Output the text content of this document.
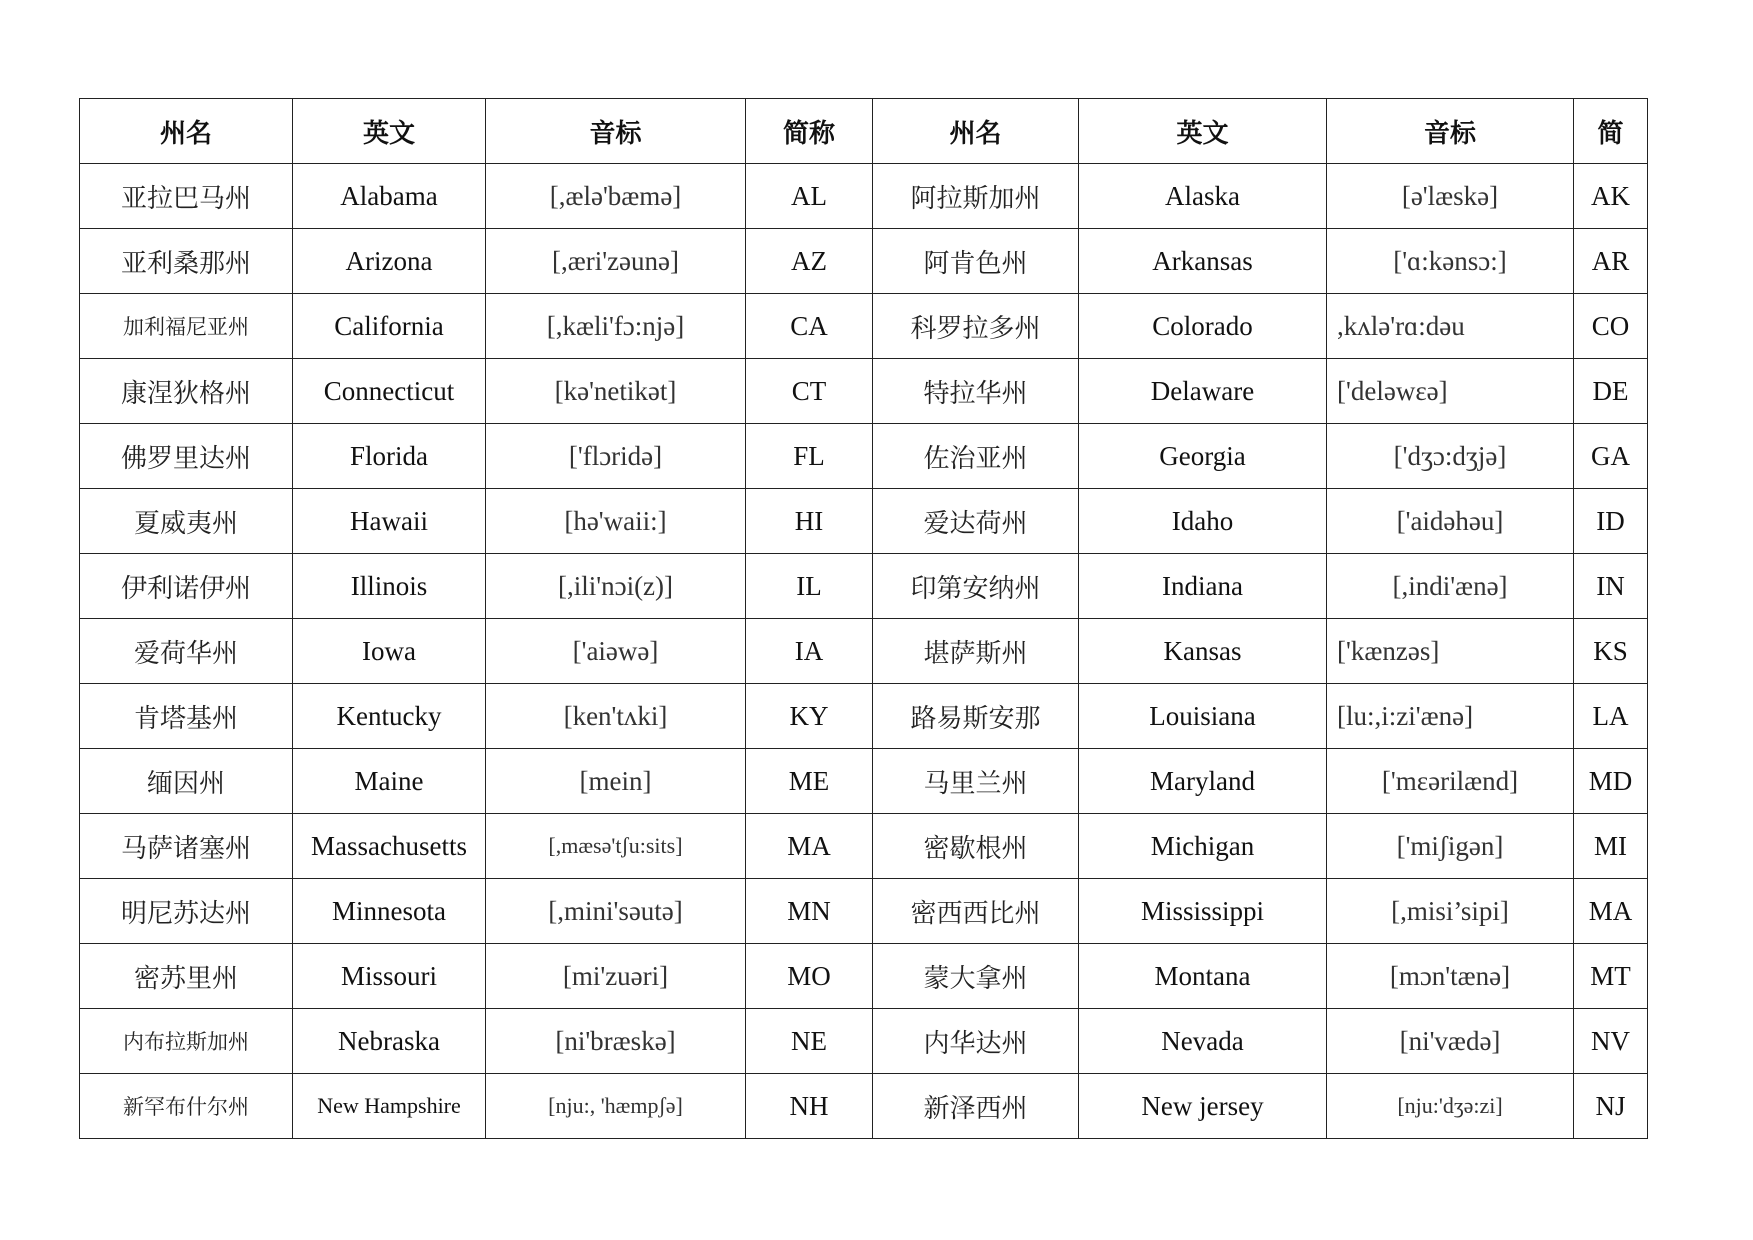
州名	英文	音标	简称	州名	英文	音标	简
亚拉巴马州	Alabama	[,ælə'bæmə]	AL	阿拉斯加州	Alaska	[ə'læskə]	AK
亚利桑那州	Arizona	[,æri'zəunə]	AZ	阿肯色州	Arkansas	['ɑ:kənsɔ:]	AR
加利福尼亚州	California	[,kæli'fɔ:njə]	CA	科罗拉多州	Colorado	,kʌlə'rɑ:dəu	CO
康涅狄格州	Connecticut	[kə'netikət]	CT	特拉华州	Delaware	['deləwɛə]	DE
佛罗里达州	Florida	['flɔridə]	FL	佐治亚州	Georgia	['dʒɔ:dʒjə]	GA
夏威夷州	Hawaii	[hə'waii:]	HI	爱达荷州	Idaho	['aidəhəu]	ID
伊利诺伊州	Illinois	[,ili'nɔi(z)]	IL	印第安纳州	Indiana	[,indi'ænə]	IN
爱荷华州	Iowa	['aiəwə]	IA	堪萨斯州	Kansas	['kænzəs]	KS
肯塔基州	Kentucky	[ken'tʌki]	KY	路易斯安那	Louisiana	[lu:,i:zi'ænə]	LA
缅因州	Maine	[mein]	ME	马里兰州	Maryland	['mɛərilænd]	MD
马萨诸塞州	Massachusetts	[,mæsə'tʃu:sits]	MA	密歇根州	Michigan	['miʃigən]	MI
明尼苏达州	Minnesota	[,mini'səutə]	MN	密西西比州	Mississippi	[,misi’sipi]	MA
密苏里州	Missouri	[mi'zuəri]	MO	蒙大拿州	Montana	[mɔn'tænə]	MT
内布拉斯加州	Nebraska	[ni'bræskə]	NE	内华达州	Nevada	[ni'vædə]	NV
新罕布什尔州	New Hampshire	[nju:, 'hæmpʃə]	NH	新泽西州	New jersey	[nju:'dʒə:zi]	NJ
